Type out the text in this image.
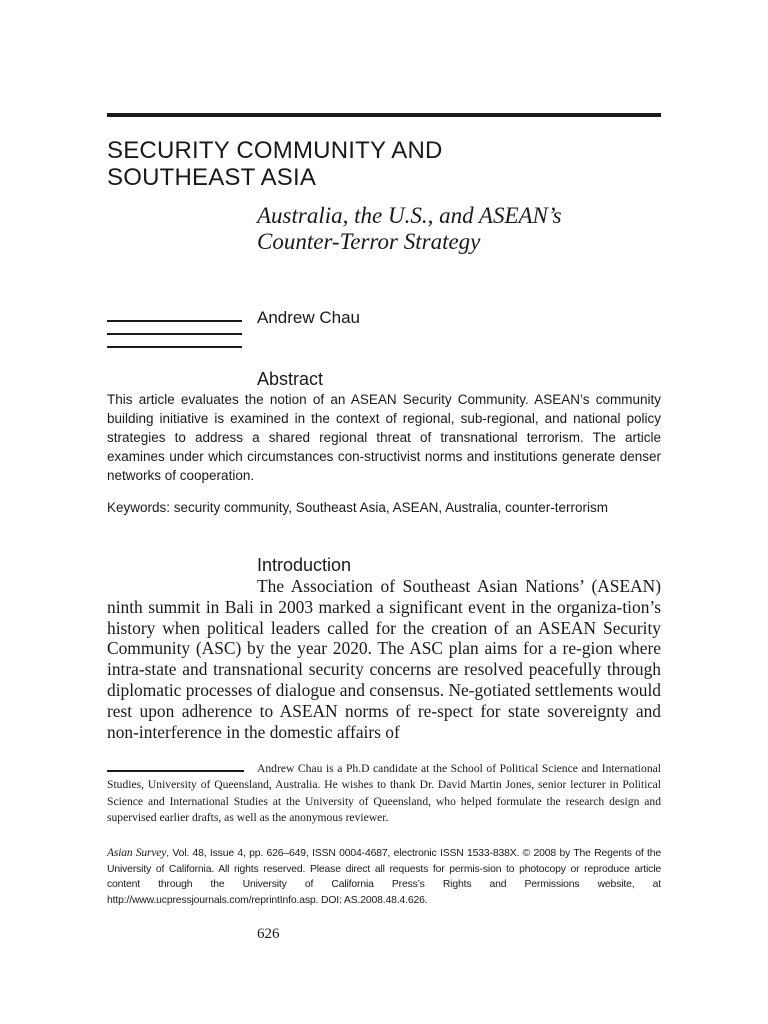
SECURITY COMMUNITY AND
SOUTHEAST ASIA
Australia, the U.S., and ASEAN’s
Counter-Terror Strategy

Andrew Chau

Abstract

This article evaluates the notion of an ASEAN Security Community. ASEAN’s community building initiative is examined in the context of regional, sub-regional, and national policy strategies to address a shared regional threat of transnational terrorism. The article examines under which circumstances con-structivist norms and institutions generate denser networks of cooperation.

Keywords: security community, Southeast Asia, ASEAN, Australia, counter-terrorism

Introduction

The Association of Southeast Asian Nations’ (ASEAN) ninth summit in Bali in 2003 marked a significant event in the organiza-tion’s history when political leaders called for the creation of an ASEAN Security Community (ASC) by the year 2020. The ASC plan aims for a re-gion where intra-state and transnational security concerns are resolved peacefully through diplomatic processes of dialogue and consensus. Ne-gotiated settlements would rest upon adherence to ASEAN norms of re-spect for state sovereignty and non-interference in the domestic affairs of

Andrew Chau is a Ph.D candidate at the School of Political Science and International Studies, University of Queensland, Australia. He wishes to thank Dr. David Martin Jones, senior lecturer in Political Science and International Studies at the University of Queensland, who helped formulate the research design and supervised earlier drafts, as well as the anonymous reviewer.

Asian Survey, Vol. 48, Issue 4, pp. 626–649, ISSN 0004-4687, electronic ISSN 1533-838X. © 2008 by The Regents of the University of California. All rights reserved. Please direct all requests for permis-sion to photocopy or reproduce article content through the University of California Press’s Rights and Permissions website, at http://www.ucpressjournals.com/reprintInfo.asp. DOI: AS.2008.48.4.626.

626
